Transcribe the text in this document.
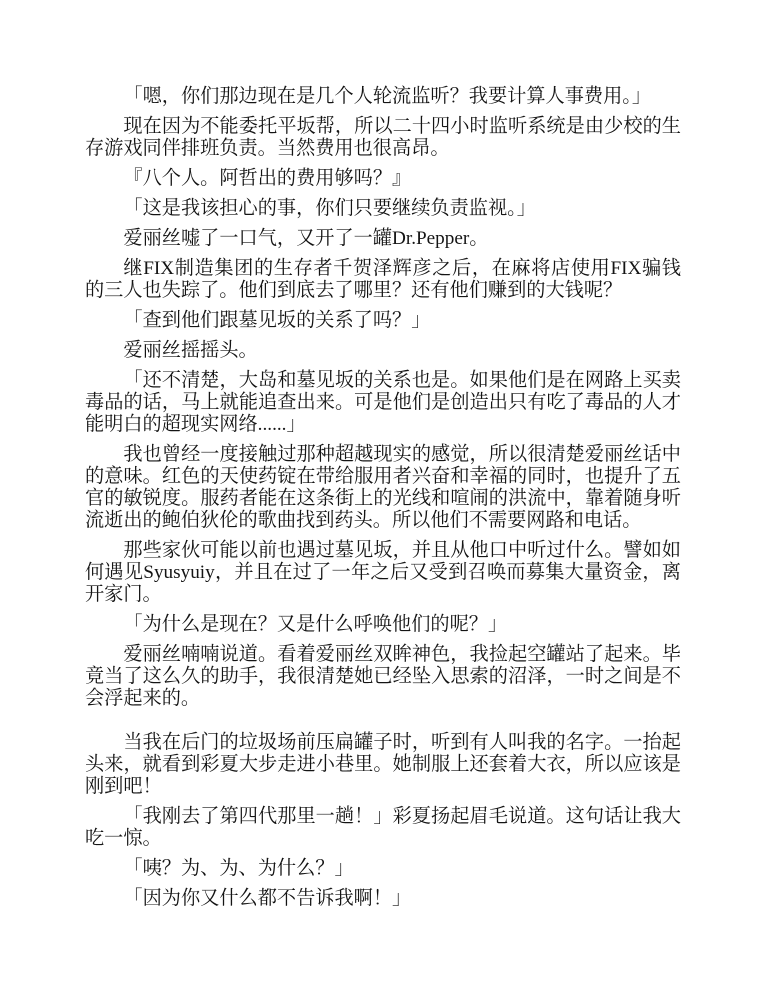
「嗯，你们那边现在是几个人轮流监听？我要计算人事费用。」

现在因为不能委托平坂帮，所以二十四小时监听系统是由少校的生存游戏同伴排班负责。当然费用也很高昂。

『八个人。阿哲出的费用够吗？』

「这是我该担心的事，你们只要继续负责监视。」

爱丽丝嘘了一口气，又开了一罐Dr.Pepper。

继FIX制造集团的生存者千贺泽辉彦之后，在麻将店使用FIX骗钱的三人也失踪了。他们到底去了哪里？还有他们赚到的大钱呢？

「查到他们跟墓见坂的关系了吗？」

爱丽丝摇摇头。

「还不清楚，大岛和墓见坂的关系也是。如果他们是在网路上买卖毒品的话，马上就能追查出来。可是他们是创造出只有吃了毒品的人才能明白的超现实网络......」

我也曾经一度接触过那种超越现实的感觉，所以很清楚爱丽丝话中的意味。红色的天使药锭在带给服用者兴奋和幸福的同时，也提升了五官的敏锐度。服药者能在这条街上的光线和喧闹的洪流中，靠着随身听流逝出的鲍伯狄伦的歌曲找到药头。所以他们不需要网路和电话。

那些家伙可能以前也遇过墓见坂，并且从他口中听过什么。譬如如何遇见Syusyuiy，并且在过了一年之后又受到召唤而募集大量资金，离开家门。

「为什么是现在？又是什么呼唤他们的呢？」

爱丽丝喃喃说道。看着爱丽丝双眸神色，我捡起空罐站了起来。毕竟当了这么久的助手，我很清楚她已经坠入思索的沼泽，一时之间是不会浮起来的。

当我在后门的垃圾场前压扁罐子时，听到有人叫我的名字。一抬起头来，就看到彩夏大步走进小巷里。她制服上还套着大衣，所以应该是刚到吧！

「我刚去了第四代那里一趟！」彩夏扬起眉毛说道。这句话让我大吃一惊。

「咦？为、为、为什么？」

「因为你又什么都不告诉我啊！」
